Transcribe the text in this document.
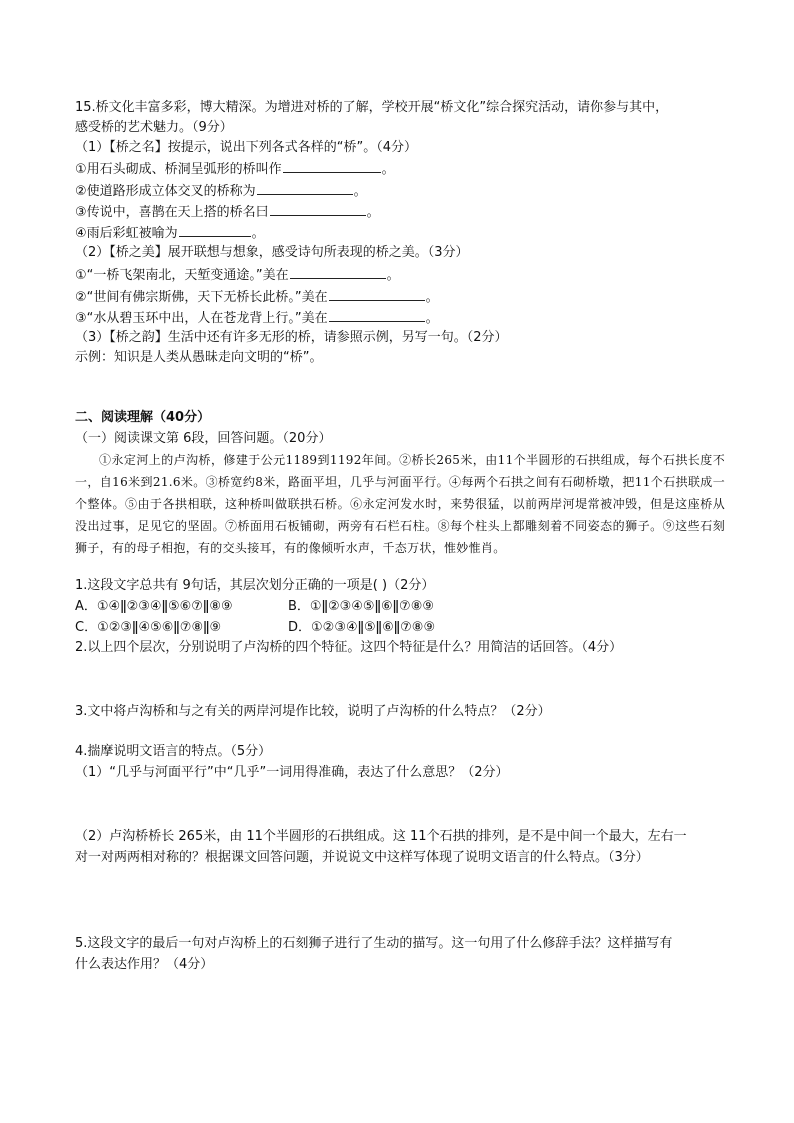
15.桥文化丰富多彩，博大精深。为增进对桥的了解，学校开展“桥文化”综合探究活动，请你参与其中，
感受桥的艺术魅力。（9分）
（1）【桥之名】按提示，说出下列各式各样的“桥”。（4分）
①用石头砌成、桥洞呈弧形的桥叫作	。
②使道路形成立体交叉的桥称为	。
③传说中，喜鹊在天上搭的桥名曰	。
④雨后彩虹被喻为	。
（2）【桥之美】展开联想与想象，感受诗句所表现的桥之美。（3分）
①“一桥飞架南北，天堑变通途。”美在	。
②“世间有佛宗斯佛，天下无桥长此桥。”美在	。
③“水从碧玉环中出，人在苍龙背上行。”美在	。
（3）【桥之韵】生活中还有许多无形的桥，请参照示例，另写一句。（2分）
示例：知识是人类从愚昧走向文明的“桥”。
二、阅读理解（40分）
（一）阅读课文第 6段，回答问题。（20分）
①永定河上的卢沟桥，修建于公元1189到1192年间。②桥长265米，由11个半圆形的石拱组成，每个石拱长度不一，自16米到21.6米。③桥宽约8米，路面平坦，几乎与河面平行。④每两个石拱之间有石砌桥墩，把11个石拱联成一个整体。⑤由于各拱相联，这种桥叫做联拱石桥。⑥永定河发水时，来势很猛，以前两岸河堤常被冲毁，但是这座桥从没出过事，足见它的坚固。⑦桥面用石板铺砌，两旁有石栏石柱。⑧每个柱头上都雕刻着不同姿态的狮子。⑨这些石刻狮子，有的母子相抱，有的交头接耳，有的像倾听水声，千态万状，惟妙惟肖。
1.这段文字总共有 9句话，其层次划分正确的一项是( )（2分）
A．①④ǁ②③④ǁ⑤⑥⑦ǁ⑧⑨	B．①ǁ②③④⑤ǁ⑥ǁ⑦⑧⑨
C．①②③ǁ④⑤⑥ǁ⑦⑧ǁ⑨	D．①②③④ǁ⑤ǁ⑥ǁ⑦⑧⑨
2.以上四个层次，分别说明了卢沟桥的四个特征。这四个特征是什么？用简洁的话回答。（4分）
3.文中将卢沟桥和与之有关的两岸河堤作比较，说明了卢沟桥的什么特点？（2分）
4.揣摩说明文语言的特点。（5分）
（1）“几乎与河面平行”中“几乎”一词用得准确，表达了什么意思？（2分）
（2）卢沟桥桥长 265米，由 11个半圆形的石拱组成。这 11个石拱的排列，是不是中间一个最大，左右一
对一对两两相对称的？根据课文回答问题，并说说文中这样写体现了说明文语言的什么特点。（3分）
5.这段文字的最后一句对卢沟桥上的石刻狮子进行了生动的描写。这一句用了什么修辞手法？这样描写有
什么表达作用？（4分）
